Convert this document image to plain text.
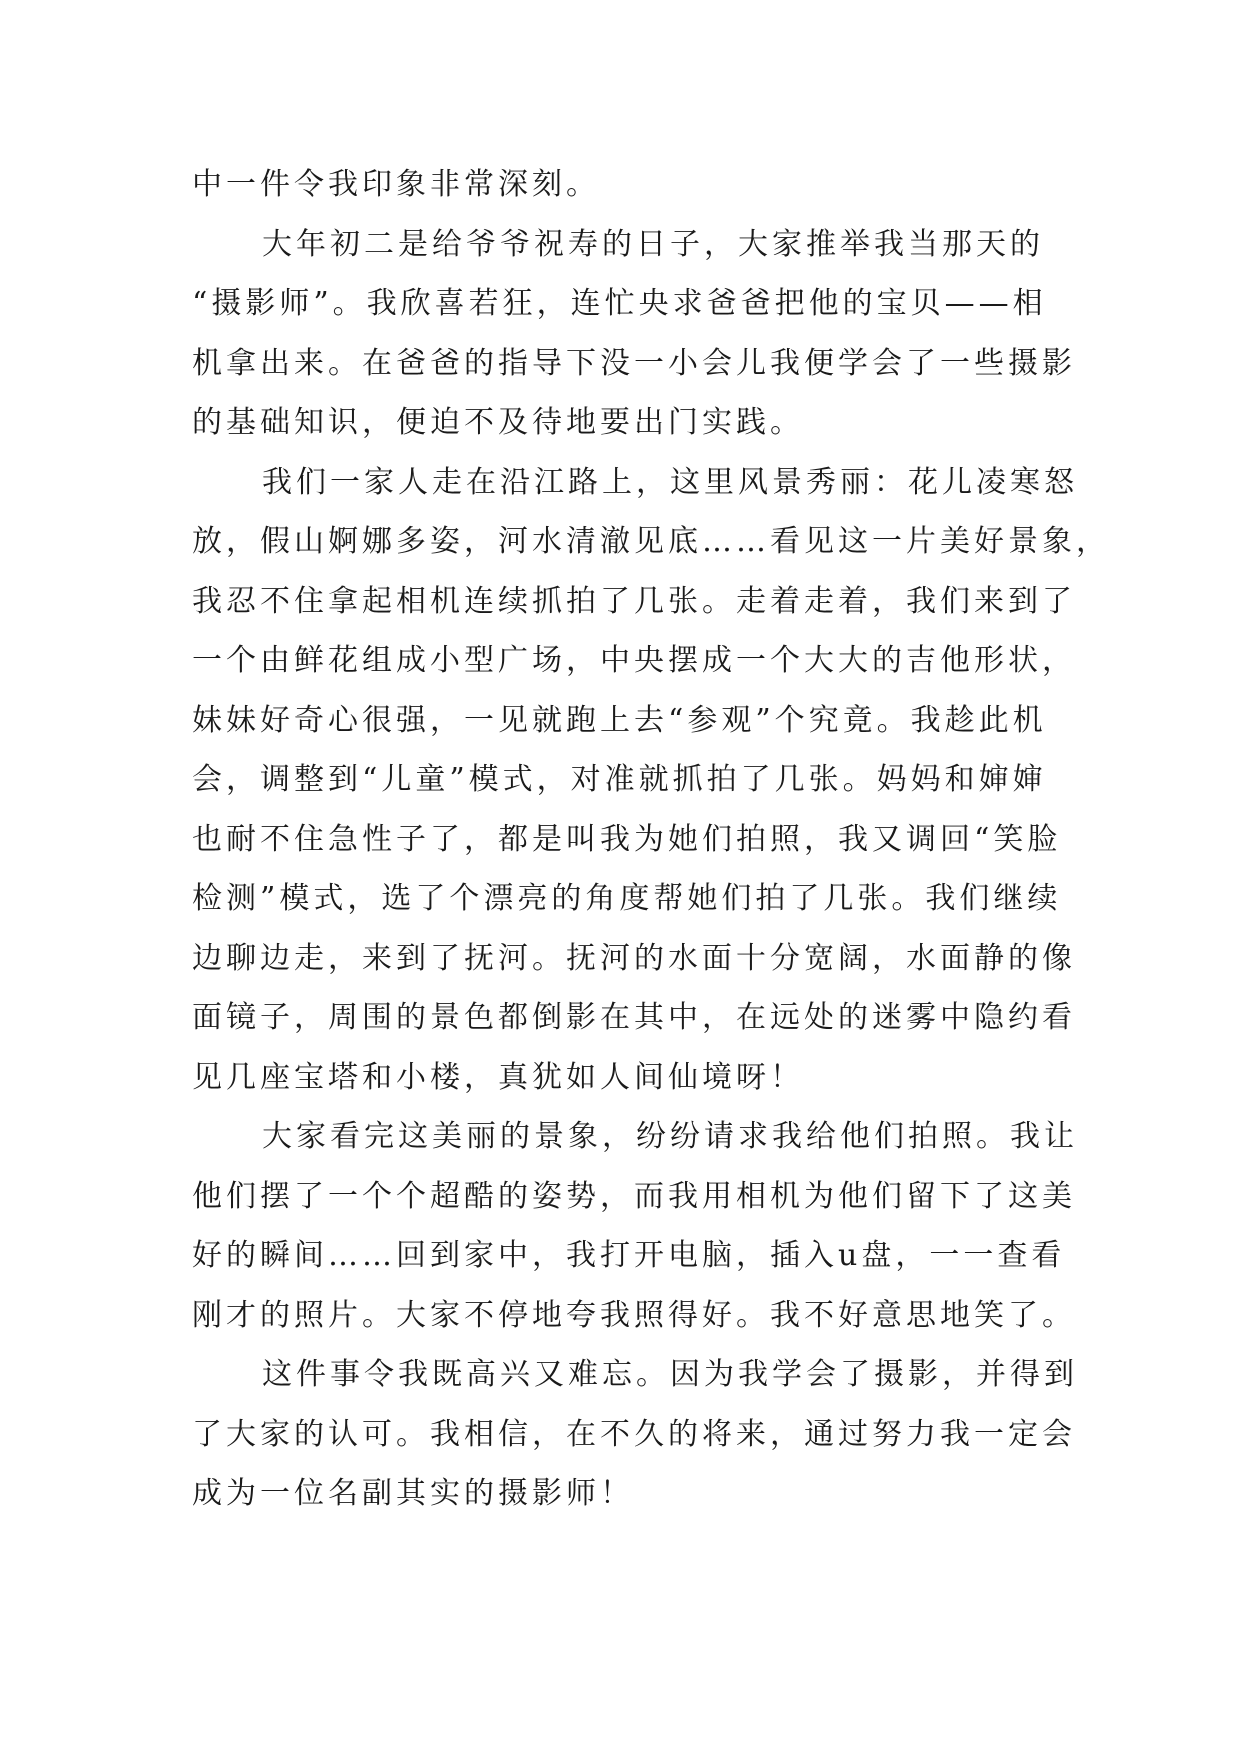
中一件令我印象非常深刻。
大年初二是给爷爷祝寿的日子，大家推举我当那天的
“摄影师”。我欣喜若狂，连忙央求爸爸把他的宝贝——相
机拿出来。在爸爸的指导下没一小会儿我便学会了一些摄影
的基础知识，便迫不及待地要出门实践。
我们一家人走在沿江路上，这里风景秀丽：花儿凌寒怒
放，假山婀娜多姿，河水清澈见底……看见这一片美好景象，
我忍不住拿起相机连续抓拍了几张。走着走着，我们来到了
一个由鲜花组成小型广场，中央摆成一个大大的吉他形状，
妹妹好奇心很强，一见就跑上去“参观”个究竟。我趁此机
会，调整到“儿童”模式，对准就抓拍了几张。妈妈和婶婶
也耐不住急性子了，都是叫我为她们拍照，我又调回“笑脸
检测”模式，选了个漂亮的角度帮她们拍了几张。我们继续
边聊边走，来到了抚河。抚河的水面十分宽阔，水面静的像
面镜子，周围的景色都倒影在其中，在远处的迷雾中隐约看
见几座宝塔和小楼，真犹如人间仙境呀！
大家看完这美丽的景象，纷纷请求我给他们拍照。我让
他们摆了一个个超酷的姿势，而我用相机为他们留下了这美
好的瞬间……回到家中，我打开电脑，插入u盘，一一查看
刚才的照片。大家不停地夸我照得好。我不好意思地笑了。
这件事令我既高兴又难忘。因为我学会了摄影，并得到
了大家的认可。我相信，在不久的将来，通过努力我一定会
成为一位名副其实的摄影师！
